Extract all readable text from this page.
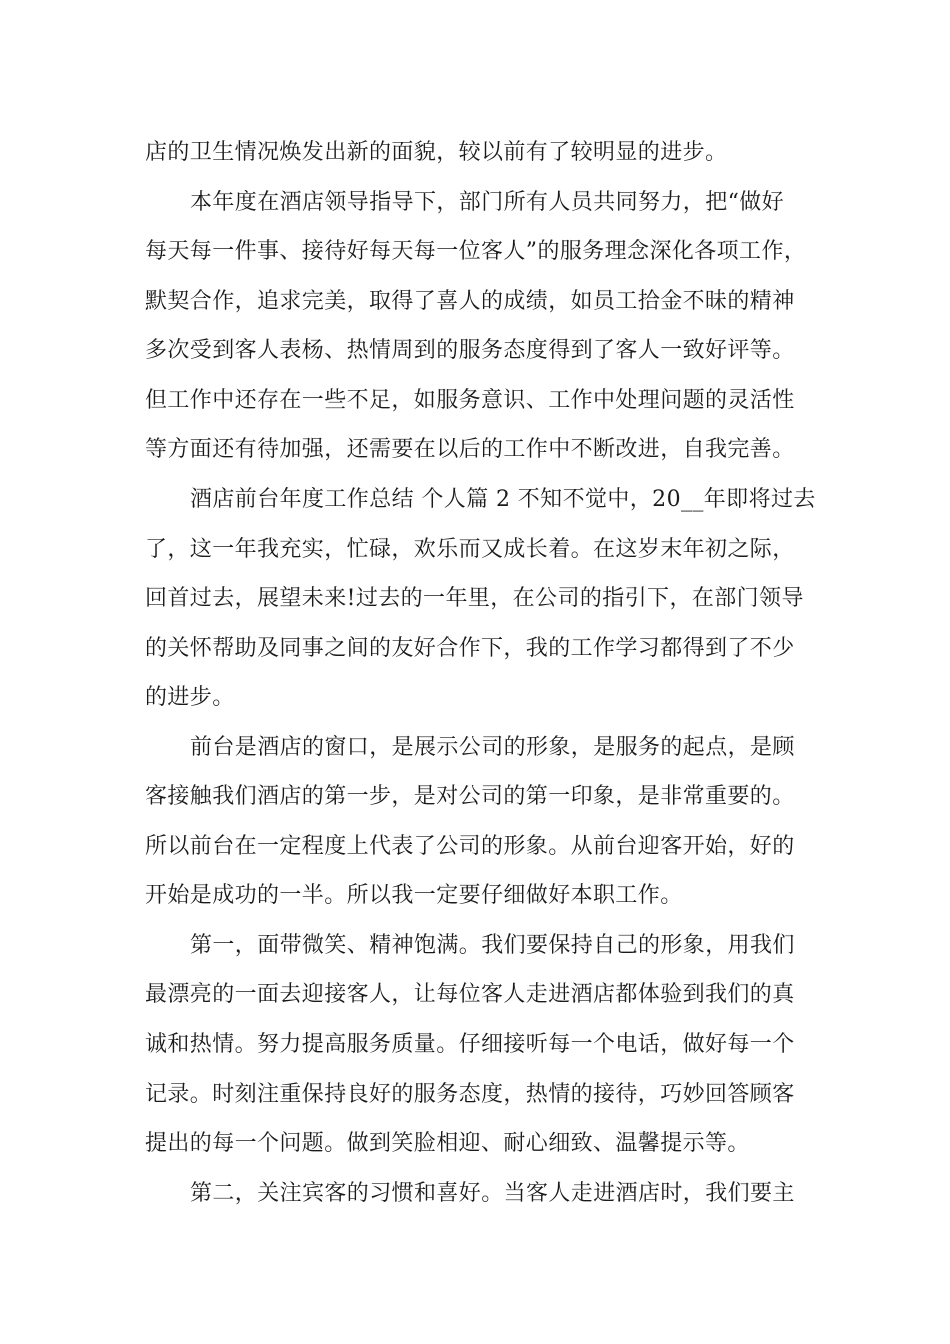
店的卫生情况焕发出新的面貌，较以前有了较明显的进步。
本年度在酒店领导指导下，部门所有人员共同努力，把“做好
每天每一件事、接待好每天每一位客人”的服务理念深化各项工作，
默契合作，追求完美，取得了喜人的成绩，如员工拾金不昧的精神
多次受到客人表杨、热情周到的服务态度得到了客人一致好评等。
但工作中还存在一些不足，如服务意识、工作中处理问题的灵活性
等方面还有待加强，还需要在以后的工作中不断改进，自我完善。
酒店前台年度工作总结 个人篇 2 不知不觉中，20__年即将过去
了，这一年我充实，忙碌，欢乐而又成长着。在这岁末年初之际，
回首过去，展望未来!过去的一年里，在公司的指引下，在部门领导
的关怀帮助及同事之间的友好合作下，我的工作学习都得到了不少
的进步。
前台是酒店的窗口，是展示公司的形象，是服务的起点，是顾
客接触我们酒店的第一步，是对公司的第一印象，是非常重要的。
所以前台在一定程度上代表了公司的形象。从前台迎客开始，好的
开始是成功的一半。所以我一定要仔细做好本职工作。
第一，面带微笑、精神饱满。我们要保持自己的形象，用我们
最漂亮的一面去迎接客人，让每位客人走进酒店都体验到我们的真
诚和热情。努力提高服务质量。仔细接听每一个电话，做好每一个
记录。时刻注重保持良好的服务态度，热情的接待，巧妙回答顾客
提出的每一个问题。做到笑脸相迎、耐心细致、温馨提示等。
第二，关注宾客的习惯和喜好。当客人走进酒店时，我们要主
